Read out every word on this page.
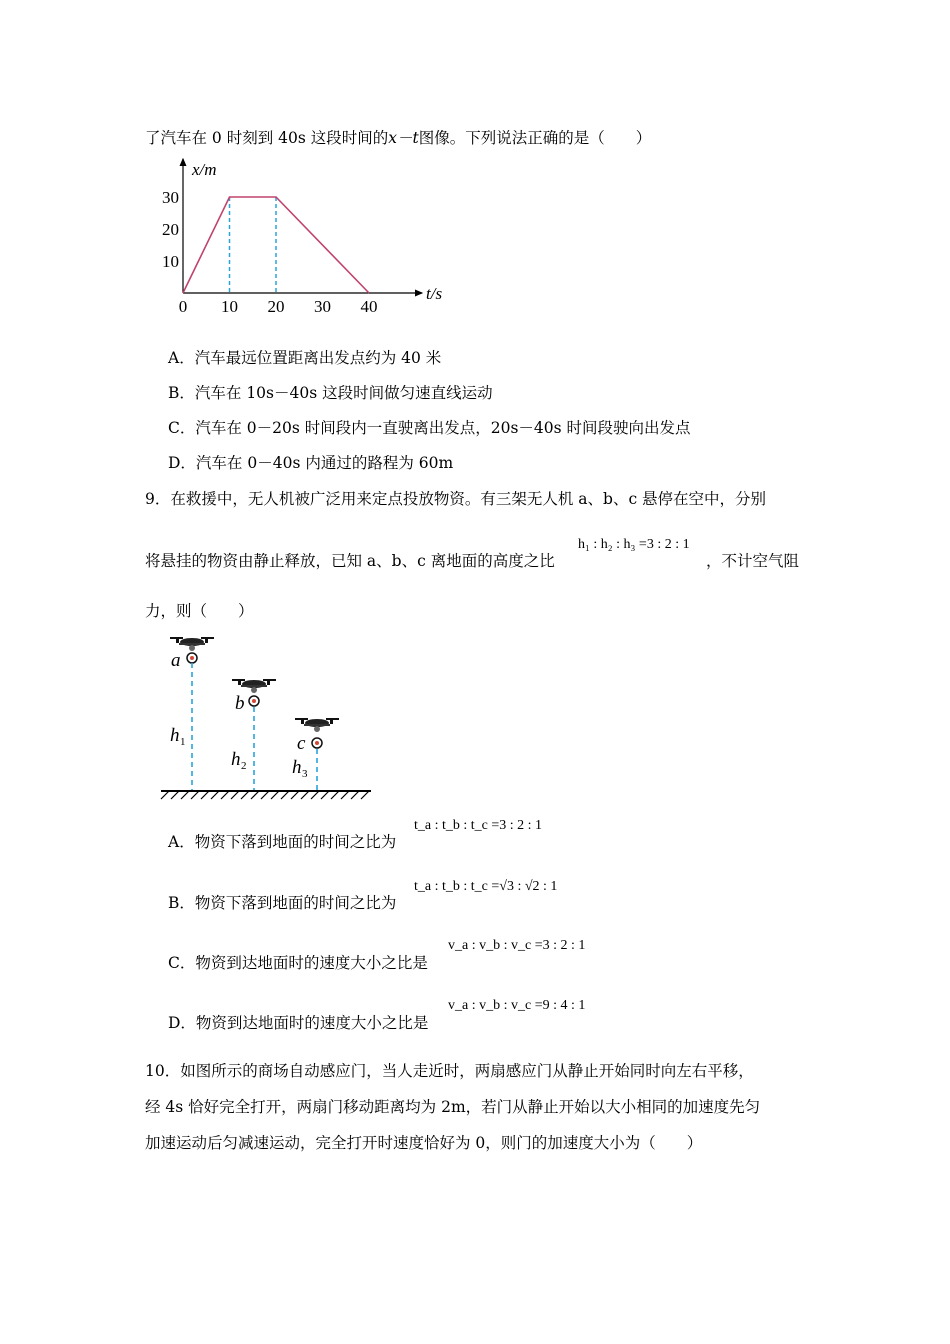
了汽车在 0 时刻到 40s 这段时间的x－t图像。下列说法正确的是（　　）
x/m
t/s
0 10 20 30 40
10
20
30
A．汽车最远位置距离出发点约为 40 米
B．汽车在 10s－40s 这段时间做匀速直线运动
C．汽车在 0－20s 时间段内一直驶离出发点，20s－40s 时间段驶向出发点
D．汽车在 0－40s 内通过的路程为 60m
9．在救援中，无人机被广泛用来定点投放物资。有三架无人机 a、b、c 悬停在空中，分别
h₁ : h₂ : h₃ =3 : 2 : 1
将悬挂的物资由静止释放，已知 a、b、c 离地面的高度之比	，不计空气阻
力，则（　　）
a
b
c
h 1
h 2 h 3
A．物资下落到地面的时间之比为
t_a : t_b : t_c =3 : 2 : 1
B．物资下落到地面的时间之比为
t_a : t_b : t_c =√3 : √2 : 1
C．物资到达地面时的速度大小之比是
v_a : v_b : v_c =3 : 2 : 1
D．物资到达地面时的速度大小之比是
v_a : v_b : v_c =9 : 4 : 1
10．如图所示的商场自动感应门，当人走近时，两扇感应门从静止开始同时向左右平移，
经 4s 恰好完全打开，两扇门移动距离均为 2m，若门从静止开始以大小相同的加速度先匀
加速运动后匀减速运动，完全打开时速度恰好为 0，则门的加速度大小为（　　）
